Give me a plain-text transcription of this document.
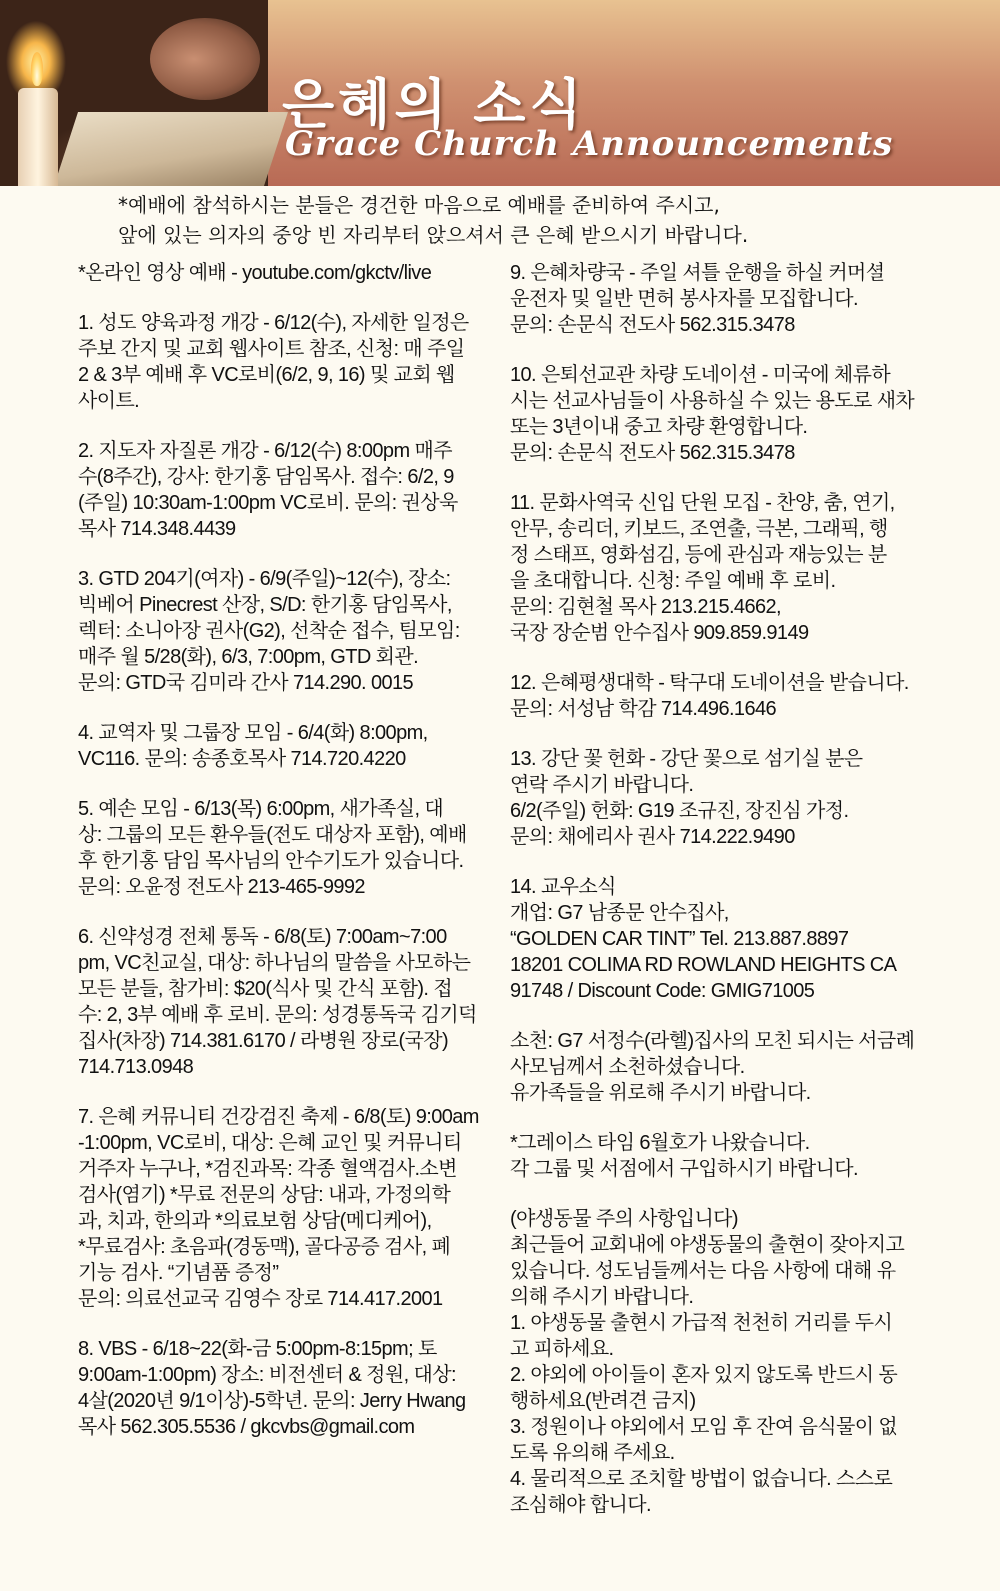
은혜의 소식
Grace Church Announcements
*예배에 참석하시는 분들은 경건한 마음으로 예배를 준비하여 주시고,
앞에 있는 의자의 중앙 빈 자리부터 앉으셔서 큰 은혜 받으시기 바랍니다.
*온라인 영상 예배 - youtube.com/gkctv/live
1. 성도 양육과정 개강 - 6/12(수), 자세한 일정은
주보 간지 및 교회 웹사이트 참조, 신청: 매 주일
2 & 3부 예배 후 VC로비(6/2, 9, 16) 및 교회 웹
사이트.
2. 지도자 자질론 개강 - 6/12(수) 8:00pm 매주
수(8주간), 강사: 한기홍 담임목사. 접수: 6/2, 9
(주일) 10:30am-1:00pm VC로비. 문의: 권상욱
목사 714.348.4439
3. GTD 204기(여자) - 6/9(주일)~12(수), 장소:
빅베어 Pinecrest 산장, S/D: 한기홍 담임목사,
렉터: 소니아장 권사(G2), 선착순 접수, 팀모임:
매주 월 5/28(화), 6/3, 7:00pm, GTD 회관.
문의: GTD국 김미라 간사 714.290. 0015
4. 교역자 및 그룹장 모임 - 6/4(화) 8:00pm,
VC116. 문의: 송종호목사 714.720.4220
5. 예손 모임 - 6/13(목) 6:00pm, 새가족실, 대
상: 그룹의 모든 환우들(전도 대상자 포함), 예배
후 한기홍 담임 목사님의 안수기도가 있습니다.
문의: 오윤정 전도사 213-465-9992
6. 신약성경 전체 통독 - 6/8(토) 7:00am~7:00
pm, VC친교실, 대상: 하나님의 말씀을 사모하는
모든 분들, 참가비: $20(식사 및 간식 포함). 접
수: 2, 3부 예배 후 로비. 문의: 성경통독국 김기덕
집사(차장) 714.381.6170 / 라병원 장로(국장)
714.713.0948
7. 은혜 커뮤니티 건강검진 축제 - 6/8(토) 9:00am
-1:00pm, VC로비, 대상: 은혜 교인 및 커뮤니티
거주자 누구나, *검진과목: 각종 혈액검사.소변
검사(염기) *무료 전문의 상담: 내과, 가정의학
과, 치과, 한의과 *의료보험 상담(메디케어),
*무료검사: 초음파(경동맥), 골다공증 검사, 폐
기능 검사. “기념품 증정”
문의: 의료선교국 김영수 장로 714.417.2001
8. VBS - 6/18~22(화-금 5:00pm-8:15pm; 토
9:00am-1:00pm) 장소: 비전센터 & 정원, 대상:
4살(2020년 9/1이상)-5학년. 문의: Jerry Hwang
목사 562.305.5536 / gkcvbs@gmail.com
9. 은혜차량국 - 주일 셔틀 운행을 하실 커머셜
운전자 및 일반 면허 봉사자를 모집합니다.
문의: 손문식 전도사 562.315.3478
10. 은퇴선교관 차량 도네이션 - 미국에 체류하
시는 선교사님들이 사용하실 수 있는 용도로 새차
또는 3년이내 중고 차량 환영합니다.
문의: 손문식 전도사 562.315.3478
11. 문화사역국 신입 단원 모집 - 찬양, 춤, 연기,
안무, 송리더, 키보드, 조연출, 극본, 그래픽, 행
정 스태프, 영화섬김, 등에 관심과 재능있는 분
을 초대합니다. 신청: 주일 예배 후 로비.
문의: 김현철 목사 213.215.4662,
국장 장순범 안수집사 909.859.9149
12. 은혜평생대학 - 탁구대 도네이션을 받습니다.
문의: 서성남 학감 714.496.1646
13. 강단 꽃 헌화 - 강단 꽃으로 섬기실 분은
연락 주시기 바랍니다.
6/2(주일) 헌화: G19 조규진, 장진심 가정.
문의: 채에리사 권사 714.222.9490
14. 교우소식
개업: G7 남종문 안수집사,
“GOLDEN CAR TINT” Tel. 213.887.8897
18201 COLIMA RD ROWLAND HEIGHTS CA
91748 / Discount Code: GMIG71005
소천: G7 서정수(라헬)집사의 모친 되시는 서금례
사모님께서 소천하셨습니다.
유가족들을 위로해 주시기 바랍니다.
*그레이스 타임 6월호가 나왔습니다.
각 그룹 및 서점에서 구입하시기 바랍니다.
(야생동물 주의 사항입니다)
최근들어 교회내에 야생동물의 출현이 잦아지고
있습니다. 성도님들께서는 다음 사항에 대해 유
의해 주시기 바랍니다.
1. 야생동물 출현시 가급적 천천히 거리를 두시
고 피하세요.
2. 야외에 아이들이 혼자 있지 않도록 반드시 동
행하세요(반려견 금지)
3. 정원이나 야외에서 모임 후 잔여 음식물이 없
도록 유의해 주세요.
4. 물리적으로 조치할 방법이 없습니다. 스스로
조심해야 합니다.
